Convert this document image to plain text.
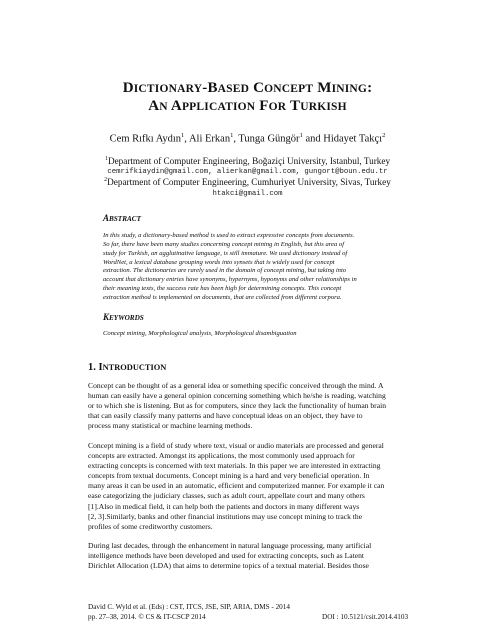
DICTIONARY-BASED CONCEPT MINING:
AN APPLICATION FOR TURKISH
Cem Rıfkı Aydın$^1$, Ali Erkan$^1$, Tunga Güngör$^1$ and Hidayet Takçı$^2$
$^1$Department of Computer Engineering, Boğaziçi University, Istanbul, Turkey
cemrifkiaydin@gmail.com, alierkan@gmail.com, gungort@boun.edu.tr
$^2$Department of Computer Engineering, Cumhuriyet University, Sivas, Turkey
htakci@gmail.com
ABSTRACT
In this study, a dictionary-based method is used to extract expressive concepts from documents.
So far, there have been many studies concerning concept mining in English, but this area of
study for Turkish, an agglutinative language, is still immature. We used dictionary instead of
WordNet, a lexical database grouping words into synsets that is widely used for concept
extraction. The dictionaries are rarely used in the domain of concept mining, but taking into
account that dictionary entries have synonyms, hypernyms, hyponyms and other relationships in
their meaning texts, the success rate has been high for determining concepts. This concept
extraction method is implemented on documents, that are collected from different corpora.
KEYWORDS
Concept mining, Morphological analysis, Morphological disambiguation
1. INTRODUCTION
Concept can be thought of as a general idea or something specific conceived through the mind. A
human can easily have a general opinion concerning something which he/she is reading, watching
or to which she is listening. But as for computers, since they lack the functionality of human brain
that can easily classify many patterns and have conceptual ideas on an object, they have to
process many statistical or machine learning methods.
Concept mining is a field of study where text, visual or audio materials are processed and general
concepts are extracted. Amongst its applications, the most commonly used approach for
extracting concepts is concerned with text materials. In this paper we are interested in extracting
concepts from textual documents. Concept mining is a hard and very beneficial operation. In
many areas it can be used in an automatic, efficient and computerized manner. For example it can
ease categorizing the judiciary classes, such as adult court, appellate court and many others
[1].Also in medical field, it can help both the patients and doctors in many different ways
[2, 3].Similarly, banks and other financial institutions may use concept mining to track the
profiles of some creditworthy customers.
During last decades, through the enhancement in natural language processing, many artificial
intelligence methods have been developed and used for extracting concepts, such as Latent
Dirichlet Allocation (LDA) that aims to determine topics of a textual material. Besides those
David C. Wyld et al. (Eds) : CST, ITCS, JSE, SIP, ARIA, DMS - 2014
pp. 27–38, 2014. © CS & IT-CSCP 2014	DOI : 10.5121/csit.2014.4103
